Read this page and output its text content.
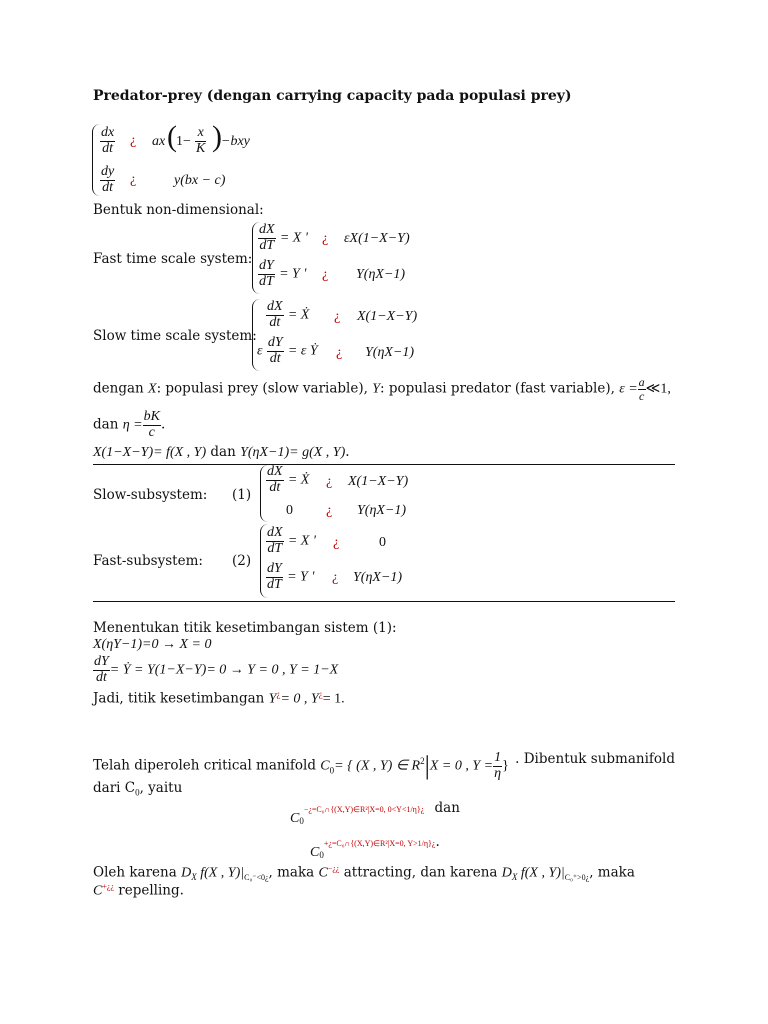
Predator-prey (dengan carrying capacity pada populasi prey)
$\frac{dx}{dt}$ ¿ ax ( $1- \frac{x}{K}$ ) −bxy
$\frac{dy}{dt}$ ¿	y(bx − c)
Bentuk non-dimensional:
Fast time scale system:
$\frac{dX}{dT} = X$ ' ¿ εX(1−X−Y)
$\frac{dY}{dT} = Y$ ' ¿ Y(ηX−1)
Slow time scale system:
$\frac{dX}{dt}$ = Ẋ ¿ X(1−X−Y)
ε $\frac{dY}{dt} = \varepsilon$ Ẏ ¿ Y(ηX−1)
dengan X: populasi prey (slow variable), Y: populasi predator (fast variable), $\varepsilon = \frac{a}{c}$ ≪1,
dan $\eta = \frac{bK}{c}$ .
X(1−X−Y)= f(X , Y) dan Y(ηX−1)= g(X , Y).
Slow-subsystem: $(1) \frac{dX}{dt}$ = Ẋ ¿ X(1−X−Y)
0 ¿ Y(ηX−1)
Fast-subsystem: (2)
$\frac{dX}{dT} = X$ ' ¿	0
$\frac{dY}{dT} = Y$ ' ¿ Y(ηX−1)
Menentukan titik kesetimbangan sistem (1):
X(ηY−1)=0 → X = 0
$\frac{dY}{dt}$ = Ẏ = Y(1−X−Y)= 0 → Y = 0 , Y = 1−X
Jadi, titik kesetimbangan Y¿= 0 , Y¿= 1.
Telah diperoleh critical manifold $C_0=$ { (X , Y) ∈ $R^2|X = 0$ , $Y = \frac{1}{\eta}$ } . Dibentuk submanifold
dari $C_0$, yaitu
$C_0-¿=C_0\cap\{(X,Y)\in R^2|X=0$, 0<Y<1/η}¿ dan
$C_0+¿=C_0\cap\{(X,Y)\in R^2|X=0$, Y>1/η}¿.
Oleh karena $D_X$ f(X , $Y)|_{C_0^-<0¿}$, maka C−¿¿ attracting, dan karena $D_X$ f(X , $Y)|_{C_0^+>0¿}$, maka
C+¿¿ repelling.
